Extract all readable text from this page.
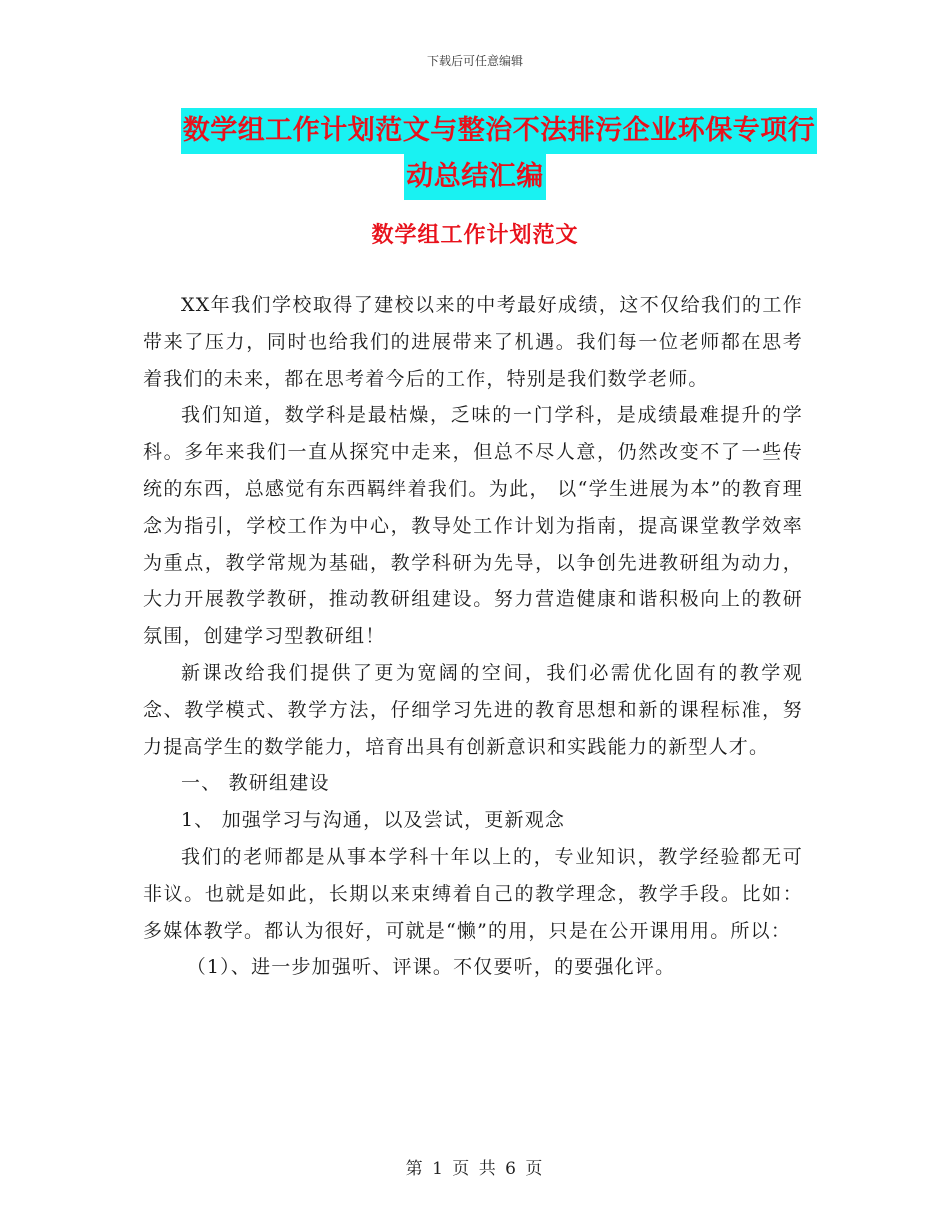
下载后可任意编辑
数学组工作计划范文与整治不法排污企业环保专项行
动总结汇编
数学组工作计划范文

XX年我们学校取得了建校以来的中考最好成绩，这不仅给我们的工作带来了压力，同时也给我们的进展带来了机遇。我们每一位老师都在思考着我们的未来，都在思考着今后的工作，特别是我们数学老师。

我们知道，数学科是最枯燥，乏味的一门学科，是成绩最难提升的学科。多年来我们一直从探究中走来，但总不尽人意，仍然改变不了一些传统的东西，总感觉有东西羁绊着我们。为此， 以“学生进展为本”的教育理念为指引，学校工作为中心，教导处工作计划为指南，提高课堂教学效率为重点，教学常规为基础，教学科研为先导，以争创先进教研组为动力，大力开展教学教研，推动教研组建设。努力营造健康和谐积极向上的教研氛围，创建学习型教研组！

新课改给我们提供了更为宽阔的空间，我们必需优化固有的教学观念、教学模式、教学方法，仔细学习先进的教育思想和新的课程标准，努力提高学生的数学能力，培育出具有创新意识和实践能力的新型人才。

一、 教研组建设

1、 加强学习与沟通，以及尝试，更新观念

我们的老师都是从事本学科十年以上的，专业知识，教学经验都无可非议。也就是如此，长期以来束缚着自己的教学理念，教学手段。比如：多媒体教学。都认为很好，可就是“懒”的用，只是在公开课用用。所以：

（1）、进一步加强听、评课。不仅要听，的要强化评。

第 1 页 共 6 页
